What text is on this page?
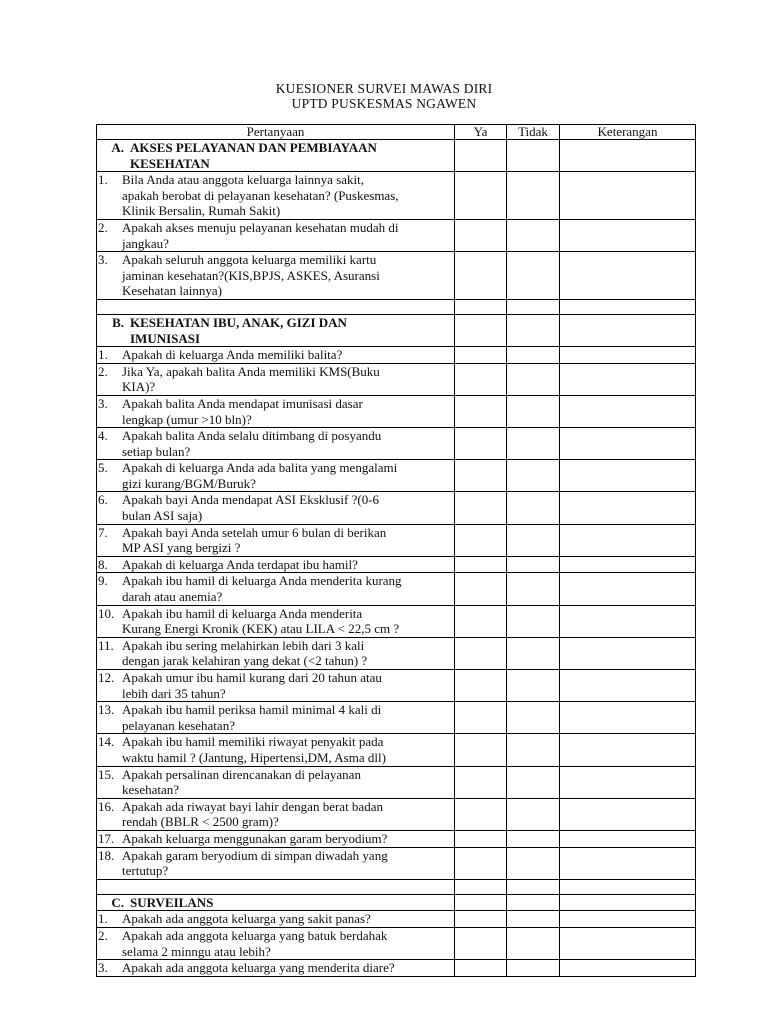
KUESIONER SURVEI MAWAS DIRI
UPTD PUSKESMAS NGAWEN
Pertanyaan	Ya	Tidak	Keterangan

A. AKSES PELAYANAN DAN PEMBIAYAAN
KESEHATAN			

1. Bila Anda atau anggota keluarga lainnya sakit,
apakah berobat di pelayanan kesehatan? (Puskesmas,
Klinik Bersalin, Rumah Sakit)			

2. Apakah akses menuju pelayanan kesehatan mudah di
jangkau?			

3. Apakah seluruh anggota keluarga memiliki kartu
jaminan kesehatan?(KIS,BPJS, ASKES, Asuransi
Kesehatan lainnya)			

B. KESEHATAN IBU, ANAK, GIZI DAN
IMUNISASI			

1. Apakah di keluarga Anda memiliki balita?			

2. Jika Ya, apakah balita Anda memiliki KMS(Buku
KIA)?			

3. Apakah balita Anda mendapat imunisasi dasar
lengkap (umur >10 bln)?			

4. Apakah balita Anda selalu ditimbang di posyandu
setiap bulan?			

5. Apakah di keluarga Anda ada balita yang mengalami
gizi kurang/BGM/Buruk?			

6. Apakah bayi Anda mendapat ASI Eksklusif ?(0-6
bulan ASI saja)			

7. Apakah bayi Anda setelah umur 6 bulan di berikan
MP ASI yang bergizi ?			

8. Apakah di keluarga Anda terdapat ibu hamil?			

9. Apakah ibu hamil di keluarga Anda menderita kurang
darah atau anemia?			

10. Apakah ibu hamil di keluarga Anda menderita
Kurang Energi Kronik (KEK) atau LILA < 22,5 cm ?			

11. Apakah ibu sering melahirkan lebih dari 3 kali
dengan jarak kelahiran yang dekat (<2 tahun) ?			

12. Apakah umur ibu hamil kurang dari 20 tahun atau
lebih dari 35 tahun?			

13. Apakah ibu hamil periksa hamil minimal 4 kali di
pelayanan kesehatan?			

14. Apakah ibu hamil memiliki riwayat penyakit pada
waktu hamil ? (Jantung, Hipertensi,DM, Asma dll)			

15. Apakah persalinan direncanakan di pelayanan
kesehatan?			

16. Apakah ada riwayat bayi lahir dengan berat badan
rendah (BBLR < 2500 gram)?			

17. Apakah keluarga menggunakan garam beryodium?			

18. Apakah garam beryodium di simpan diwadah yang
tertutup?			

C. SURVEILANS			

1. Apakah ada anggota keluarga yang sakit panas?			

2. Apakah ada anggota keluarga yang batuk berdahak
selama 2 minngu atau lebih?			

3. Apakah ada anggota keluarga yang menderita diare?			
